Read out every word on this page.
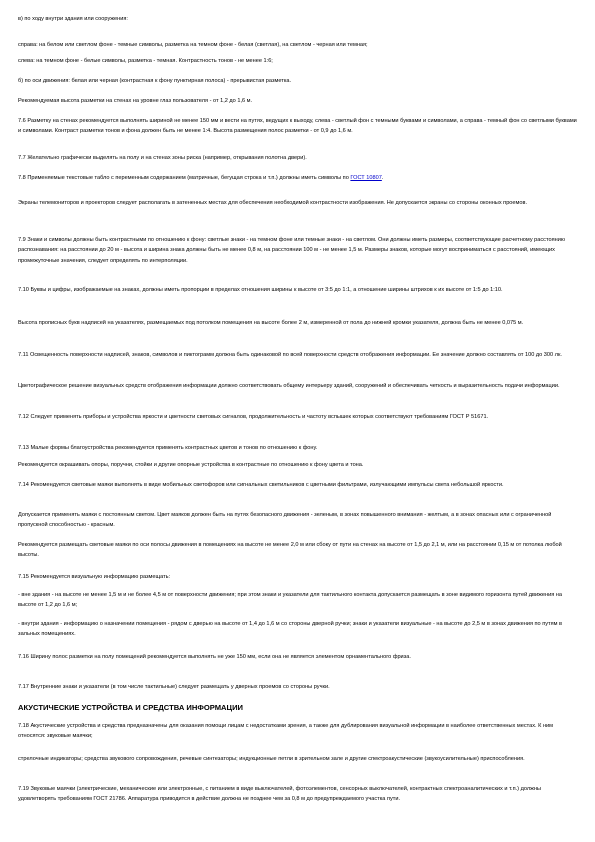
в) по ходу внутри здания или сооружения:

справа: на белом или светлом фоне - темные символы, разметка на темном фоне - белая (светлая), на светлом - черная или темная;

слева: на темном фоне - белые символы, разметка - темная. Контрастность тонов - не менее 1:6;

б) по оси движения: белая или черная (контрастная к фону пунктирная полоса) - прерывистая разметка.

Рекомендуемая высота разметки на стенах на уровне глаз пользователя - от 1,2 до 1,6 м.

7.6 Разметку на стенах рекомендуется выполнять шириной не менее 150 мм и вести на путях, ведущих к выходу, слева - светлый фон с темными буквами и символами, а справа - темный фон со светлыми буквами и символами. Контраст разметки тонов и фона должен быть не менее 1:4. Высота размещения полос разметки - от 0,9 до 1,6 м.

7.7 Желательно графически выделять на полу и на стенах зоны риска (например, открывания полотна двери).

7.8 Применяемые текстовые табло с переменным содержанием (матричные, бегущая строка и т.п.) должны иметь символы по ГОСТ 10807.

Экраны телемониторов и проекторов следует располагать в затененных местах для обеспечения необходимой контрастности изображения. Не допускается экраны со стороны оконных проемов.

7.9 Знаки и символы должны быть контрастными по отношению к фону: светлые знаки - на темном фоне или темные знаки - на светлом. Они должны иметь размеры, соответствующие расчетному расстоянию распознавания: на расстоянии до 20 м - высота и ширина знака должны быть не менее 0,8 м, на расстоянии 100 м - не менее 1,5 м. Размеры знаков, которые могут восприниматься с расстояний, имеющих промежуточные значения, следует определять по интерполяции.

7.10 Буквы и цифры, изображаемые на знаках, должны иметь пропорции в пределах отношения ширины к высоте от 3:5 до 1:1, а отношение ширины штрихов к их высоте от 1:5 до 1:10.

Высота прописных букв надписей на указателях, размещаемых под потолком помещения на высоте более 2 м, измеренной от пола до нижней кромки указателя, должна быть не менее 0,075 м.

7.11 Освещенность поверхности надписей, знаков, символов и пиктограмм должна быть одинаковой по всей поверхности средств отображения информации. Ее значение должно составлять от 100 до 300 лк.

Цветографическое решение визуальных средств отображения информации должно соответствовать общему интерьеру зданий, сооружений и обеспечивать четкость и выразительность подачи информации.

7.12 Следует применять приборы и устройства яркости и цветности световых сигналов, продолжительность и частоту вспышек которых соответствуют требованиям ГОСТ Р 51671.

7.13 Малые формы благоустройства рекомендуется применять контрастных цветов и тонов по отношению к фону.

Рекомендуется окрашивать опоры, поручни, стойки и другие опорные устройства в контрастные по отношению к фону цвета и тона.

7.14 Рекомендуется световые маяки выполнять в виде мобильных светофоров или сигнальных светильников с цветными фильтрами, излучающими импульсы света небольшой яркости.

Допускается применять маяки с постоянным светом. Цвет маяков должен быть на путях безопасного движения - зеленым, в зонах повышенного внимания - желтым, а в зонах опасных или с ограниченной пропускной способностью - красным.

Рекомендуется размещать световые маяки по оси полосы движения в помещениях на высоте не менее 2,0 м или сбоку от пути на стенах на высоте от 1,5 до 2,1 м, или на расстоянии 0,15 м от потолка любой высоты.

7.15 Рекомендуется визуальную информацию размещать:

- вне здания - на высоте не менее 1,5 м и не более 4,5 м от поверхности движения; при этом знаки и указатели для тактильного контакта допускается размещать в зоне видимого горизонта путей движения на высоте от 1,2 до 1,6 м;

- внутри здания - информацию о назначении помещения - рядом с дверью на высоте от 1,4 до 1,6 м со стороны дверной ручки; знаки и указатели визуальные - на высоте до 2,5 м в зонах движения по путям в зальных помещениях.

7.16 Ширину полос разметки на полу помещений рекомендуется выполнять не уже 150 мм, если она не является элементом орнаментального фриза.

7.17 Внутренние знаки и указатели (в том числе тактильные) следует размещать у дверных проемов со стороны ручки.

АКУСТИЧЕСКИЕ УСТРОЙСТВА И СРЕДСТВА ИНФОРМАЦИИ

7.18 Акустические устройства и средства предназначены для оказания помощи лицам с недостатками зрения, а также для дублирования визуальной информации в наиболее ответственных местах. К ним относятся: звуковые маячки;

стрелочные индикаторы; средства звукового сопровождения, речевые синтезаторы; индукционные петли в зрительном зале и другие спектроакустические (звукоусилительные) приспособления.

7.19 Звуковые маячки (электрические, механические или электронные, с питанием в виде выключателей, фотоэлементов, сенсорных выключателей, контрактных спектроаналитических и т.п.) должны удовлетворять требованиям ГОСТ 21786. Аппаратура приводится в действие должна не позднее чем за 0,8 м до предупреждаемого участка пути.
